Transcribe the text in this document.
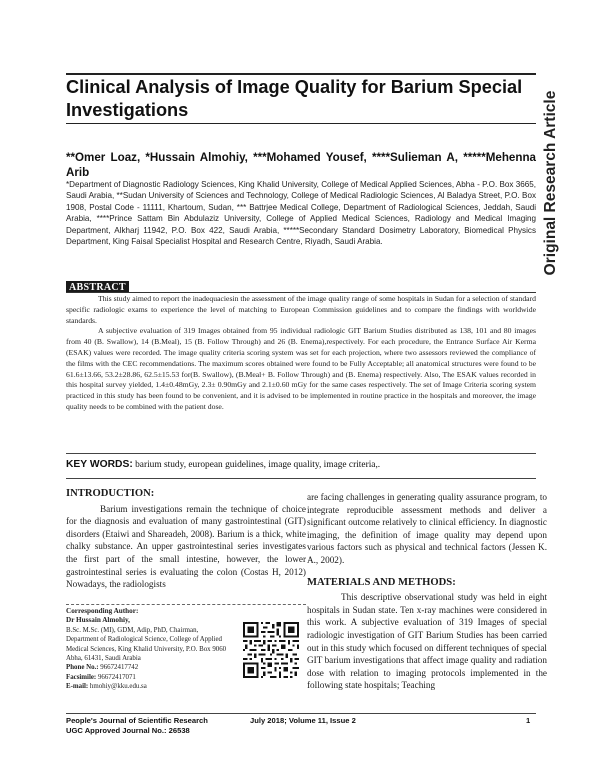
Clinical Analysis of Image Quality for Barium Special Investigations	Original Research Article
**Omer Loaz, *Hussain Almohiy, ***Mohamed Yousef, ****Sulieman A, *****Mehenna Arib
*Department of Diagnostic Radiology Sciences, King Khalid University, College of Medical Applied Sciences, Abha - P.O. Box 3665, Saudi Arabia, **Sudan University of Sciences and Technology, College of Medical Radiologic Sciences, Al Baladya Street, P.O. Box 1908, Postal Code - 11111, Khartoum, Sudan, *** Battrjee Medical College, Department of Radiological Sciences, Jeddah, Saudi Arabia, ****Prince Sattam Bin Abdulaziz University, College of Applied Medical Sciences, Radiology and Medical Imaging Department, Alkharj 11942, P.O. Box 422, Saudi Arabia, *****Secondary Standard Dosimetry Laboratory, Biomedical Physics Department, King Faisal Specialist Hospital and Research Centre, Riyadh, Saudi Arabia.
ABSTRACT

This study aimed to report the inadequaciesin the assessment of the image quality range of some hospitals in Sudan for a selection of standard specific radiologic exams to experience the level of matching to European Commission guidelines and to compare the findings with worldwide standards.

A subjective evaluation of 319 Images obtained from 95 individual radiologic GIT Barium Studies distributed as 138, 101 and 80 images from 40 (B. Swallow), 14 (B.Meal), 15 (B. Follow Through) and 26 (B. Enema),respectively. For each procedure, the Entrance Surface Air Kerma (ESAK) values were recorded. The image quality criteria scoring system was set for each projection, where two assessors reviewed the compliance of the films with the CEC recommendations. The maximum scores obtained were found to be Fully Acceptable; all anatomical structures were found to be 61.6±13.66, 53.2±28.86, 62.5±15.53 for(B. Swallow), (B.Meal+ B. Follow Through) and (B. Enema) respectively. Also, The ESAK values recorded in this hospital survey yielded, 1.4±0.48mGy, 2.3± 0.90mGy and 2.1±0.60 mGy for the same cases respectively. The set of Image Criteria scoring system practiced in this study has been found to be convenient, and it is advised to be implemented in routine practice in the hospitals and moreover, the image quality needs to be combined with the patient dose.

KEY WORDS: barium study, european guidelines, image quality, image criteria,.

INTRODUCTION:

Barium investigations remain the technique of choice for the diagnosis and evaluation of many gastrointestinal (GIT) disorders (Etaiwi and Shareadeh, 2008). Barium is a thick, white chalky substance. An upper gastrointestinal series investigates the first part of the small intestine, however, the lower gastrointestinal series is evaluating the colon (Costas H, 2012) Nowadays, the radiologists

Corresponding Author:
Dr Hussain Almohiy,
B.Sc. M.Sc. (MI), GDM, Adip, PhD, Chairman, Department of Radiological Science, College of Applied Medical Sciences, King Khalid University, P.O. Box 9060 Abha, 61431, Saudi Arabia
Phone No.: 96672417742
Facsimile: 96672417071
E-mail: hmohiy@kku.edu.sa

are facing challenges in generating quality assurance program, to integrate reproducible assessment methods and deliver a significant outcome relatively to clinical efficiency. In diagnostic imaging, the definition of image quality may depend upon various factors such as physical and technical factors (Jessen K. A., 2002).

MATERIALS AND METHODS:

This descriptive observational study was held in eight hospitals in Sudan state. Ten x-ray machines were considered in this work. A subjective evaluation of 319 Images of special radiologic investigation of GIT Barium Studies has been carried out in this study which focused on different techniques of special GIT barium investigations that affect image quality and radiation dose with relation to imaging protocols implemented in the following state hospitals; Teaching

People's Journal of Scientific Research
UGC Approved Journal No.: 26538
July 2018; Volume 11, Issue 2	1
